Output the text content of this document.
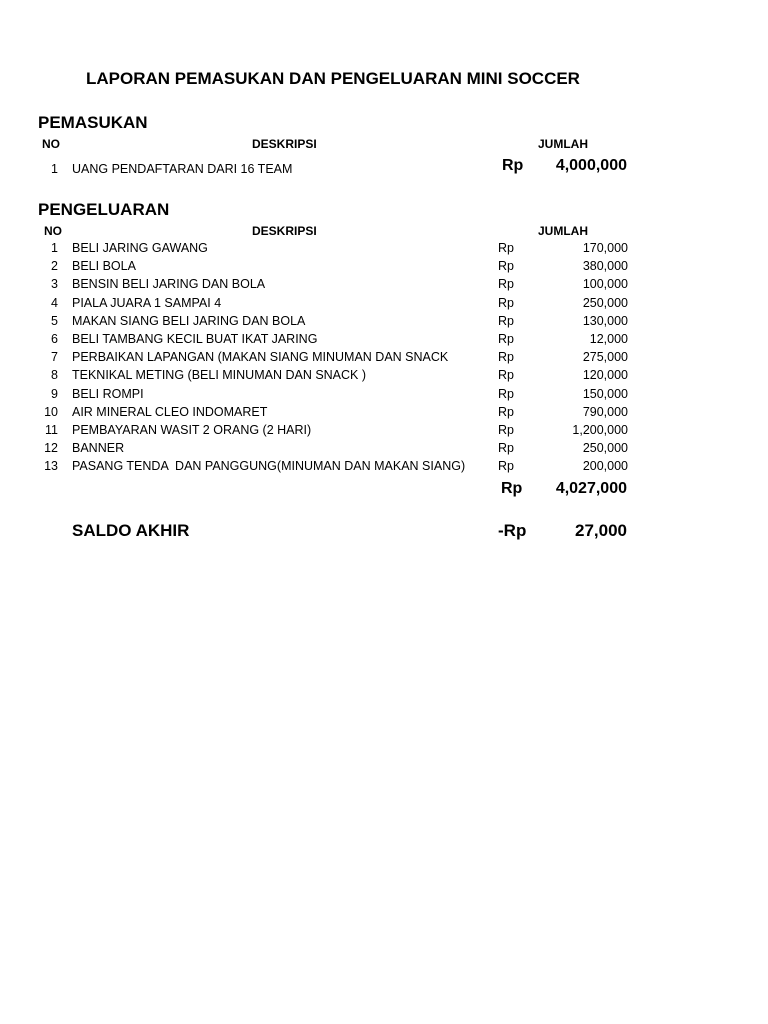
LAPORAN PEMASUKAN DAN PENGELUARAN MINI SOCCER
PEMASUKAN
NO	DESKRIPSI	JUMLAH
1 UANG PENDAFTARAN DARI 16 TEAM	Rp	4,000,000
PENGELUARAN
NO	DESKRIPSI	JUMLAH
1 BELI JARING GAWANG	Rp	170,000
2 BELI BOLA	Rp	380,000
3 BENSIN BELI JARING DAN BOLA	Rp	100,000
4 PIALA JUARA 1 SAMPAI 4	Rp	250,000
5 MAKAN SIANG BELI JARING DAN BOLA	Rp	130,000
6 BELI TAMBANG KECIL BUAT IKAT JARING	Rp	12,000
7 PERBAIKAN LAPANGAN (MAKAN SIANG MINUMAN DAN SNACK	Rp	275,000
8 TEKNIKAL METING (BELI MINUMAN DAN SNACK )	Rp	120,000
9 BELI ROMPI	Rp	150,000
10 AIR MINERAL CLEO INDOMARET	Rp	790,000
11 PEMBAYARAN WASIT 2 ORANG (2 HARI)	Rp	1,200,000
12 BANNER	Rp	250,000
13 PASANG TENDA  DAN PANGGUNG(MINUMAN DAN MAKAN SIANG)	Rp	200,000
Rp	4,027,000
SALDO AKHIR	-Rp	27,000
